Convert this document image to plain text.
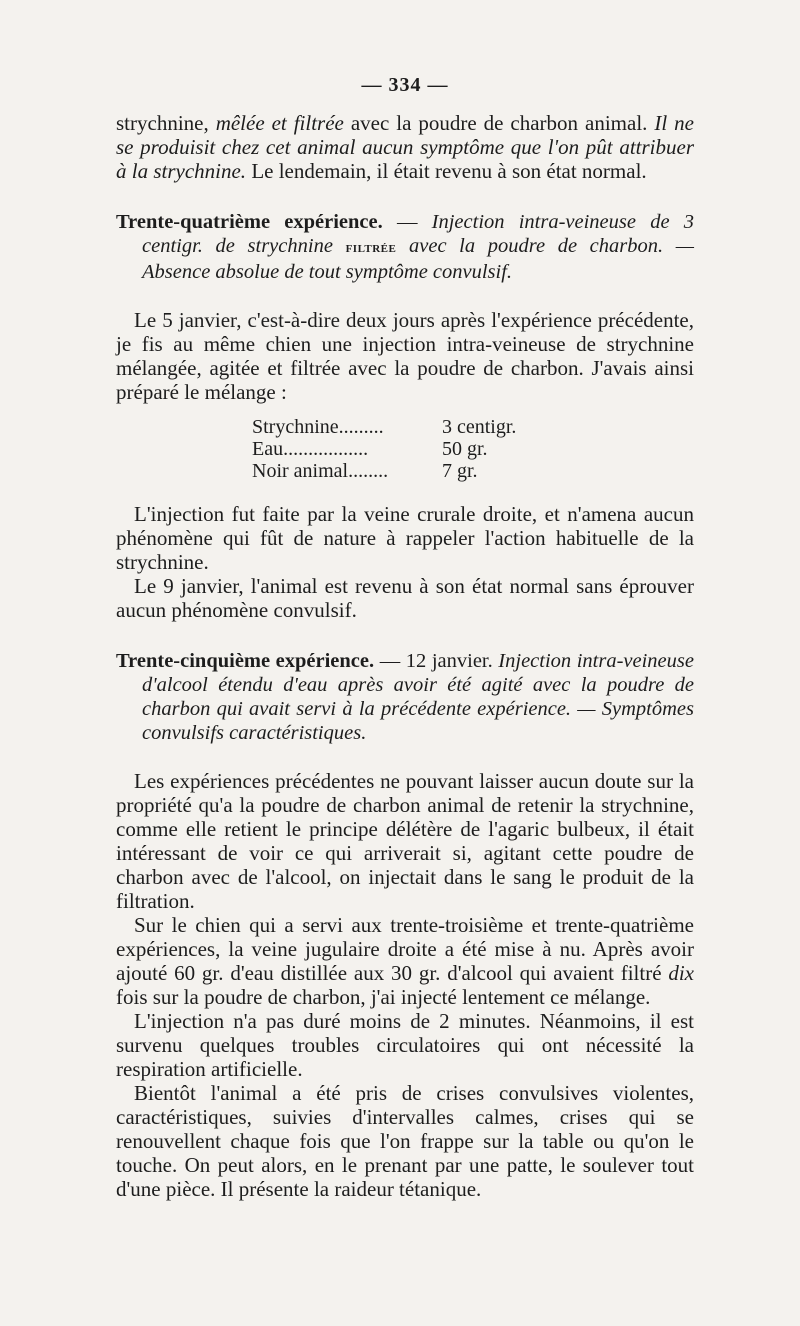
— 334 —

strychnine, mêlée et filtrée avec la poudre de charbon animal. Il ne se produisit chez cet animal aucun symptôme que l'on pût attribuer à la strychnine. Le lendemain, il était revenu à son état normal.

Trente-quatrième expérience. — Injection intra-veineuse de 3 centigr. de strychnine filtrée avec la poudre de charbon. — Absence absolue de tout symptôme convulsif.

Le 5 janvier, c'est-à-dire deux jours après l'expérience précédente, je fis au même chien une injection intra-veineuse de strychnine mélangée, agitée et filtrée avec la poudre de charbon. J'avais ainsi préparé le mélange :

Strychnine.........	3 centigr.
Eau.................	50 gr.
Noir animal........	7 gr.

L'injection fut faite par la veine crurale droite, et n'amena aucun phénomène qui fût de nature à rappeler l'action habituelle de la strychnine.

Le 9 janvier, l'animal est revenu à son état normal sans éprouver aucun phénomène convulsif.

Trente-cinquième expérience. — 12 janvier. Injection intra-veineuse d'alcool étendu d'eau après avoir été agité avec la poudre de charbon qui avait servi à la précédente expérience. — Symptômes convulsifs caractéristiques.

Les expériences précédentes ne pouvant laisser aucun doute sur la propriété qu'a la poudre de charbon animal de retenir la strychnine, comme elle retient le principe délétère de l'agaric bulbeux, il était intéressant de voir ce qui arriverait si, agitant cette poudre de charbon avec de l'alcool, on injectait dans le sang le produit de la filtration.

Sur le chien qui a servi aux trente-troisième et trente-quatrième expériences, la veine jugulaire droite a été mise à nu. Après avoir ajouté 60 gr. d'eau distillée aux 30 gr. d'alcool qui avaient filtré dix fois sur la poudre de charbon, j'ai injecté lentement ce mélange.

L'injection n'a pas duré moins de 2 minutes. Néanmoins, il est survenu quelques troubles circulatoires qui ont nécessité la respiration artificielle.

Bientôt l'animal a été pris de crises convulsives violentes, caractéristiques, suivies d'intervalles calmes, crises qui se renouvellent chaque fois que l'on frappe sur la table ou qu'on le touche. On peut alors, en le prenant par une patte, le soulever tout d'une pièce. Il présente la raideur tétanique.
